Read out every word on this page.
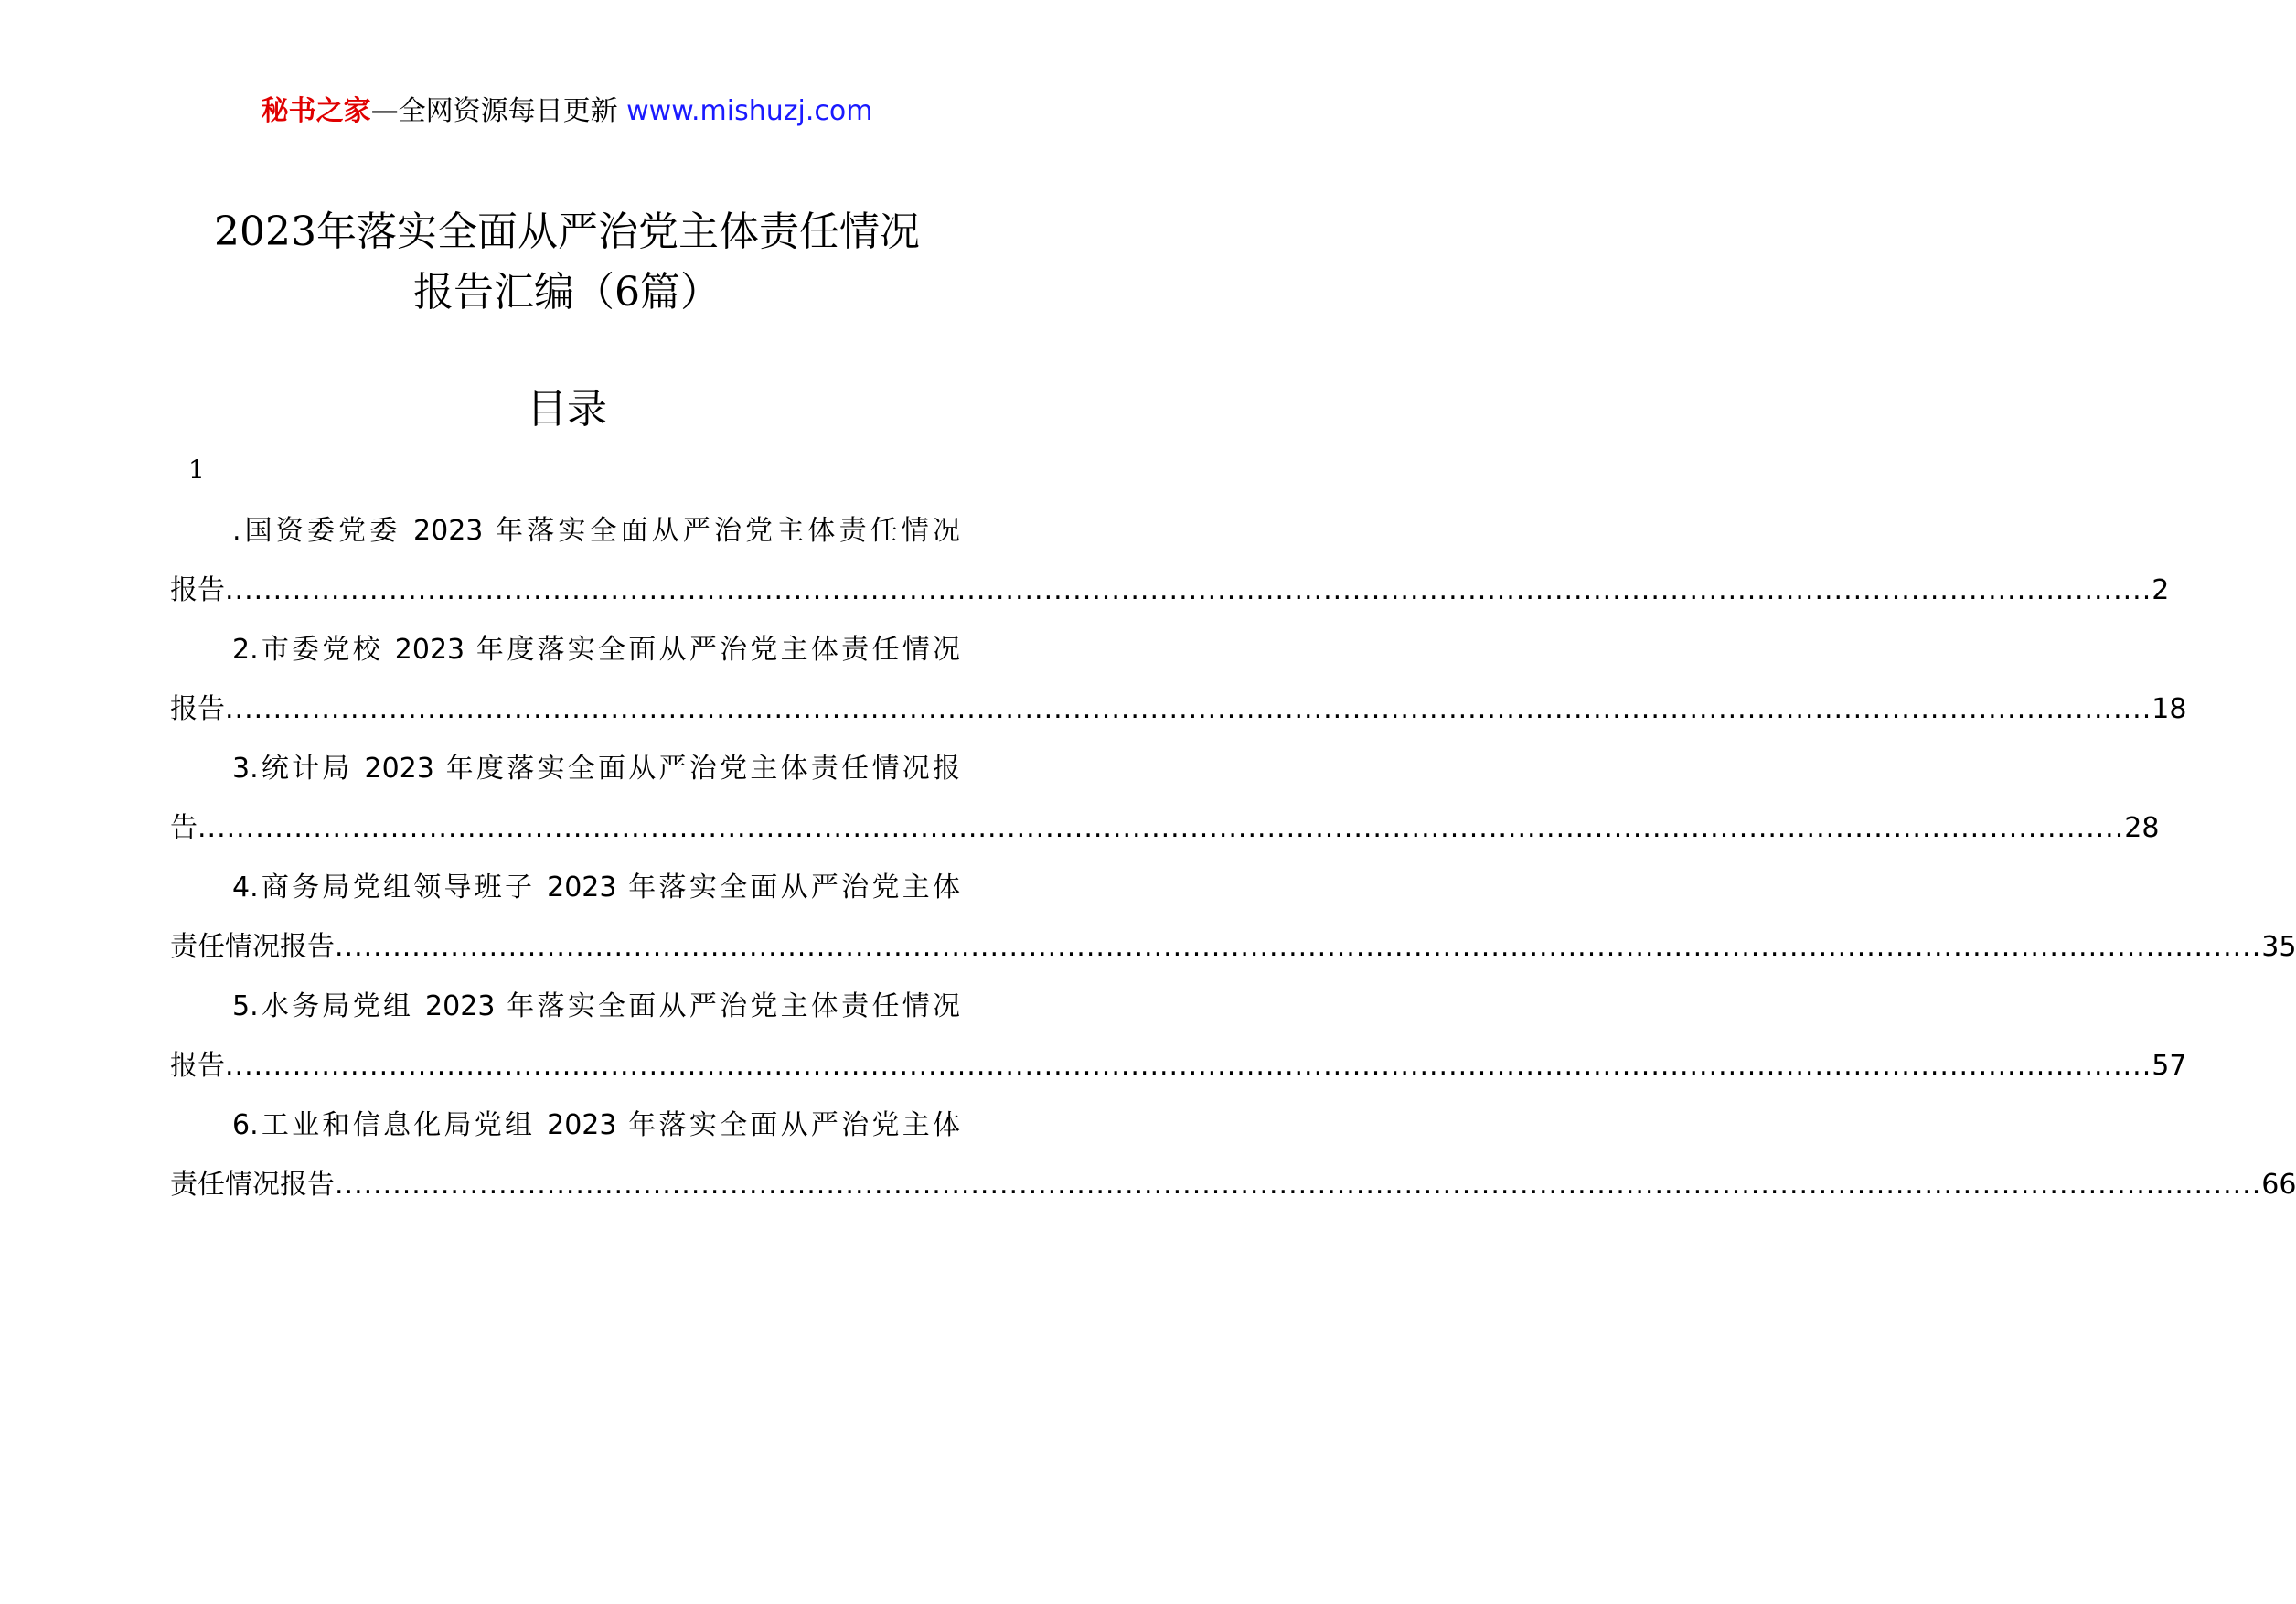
秘书之家—全网资源每日更新 www.mishuzj.com
2023年落实全面从严治党主体责任情况
报告汇编（6篇）
目录
1
.国资委党委 2023 年落实全面从严治党主体责任情况
报告 ........................................................................................................................................................................................................ 2
2.市委党校 2023 年度落实全面从严治党主体责任情况
报告 ........................................................................................................................................................................................................ 18
3.统计局 2023 年度落实全面从严治党主体责任情况报
告 ........................................................................................................................................................................................................ 28
4.商务局党组领导班子 2023 年落实全面从严治党主体
责任情况报告 ........................................................................................................................................................................................................ 35
5.水务局党组 2023 年落实全面从严治党主体责任情况
报告 ........................................................................................................................................................................................................ 57
6.工业和信息化局党组 2023 年落实全面从严治党主体
责任情况报告 ........................................................................................................................................................................................................ 66
